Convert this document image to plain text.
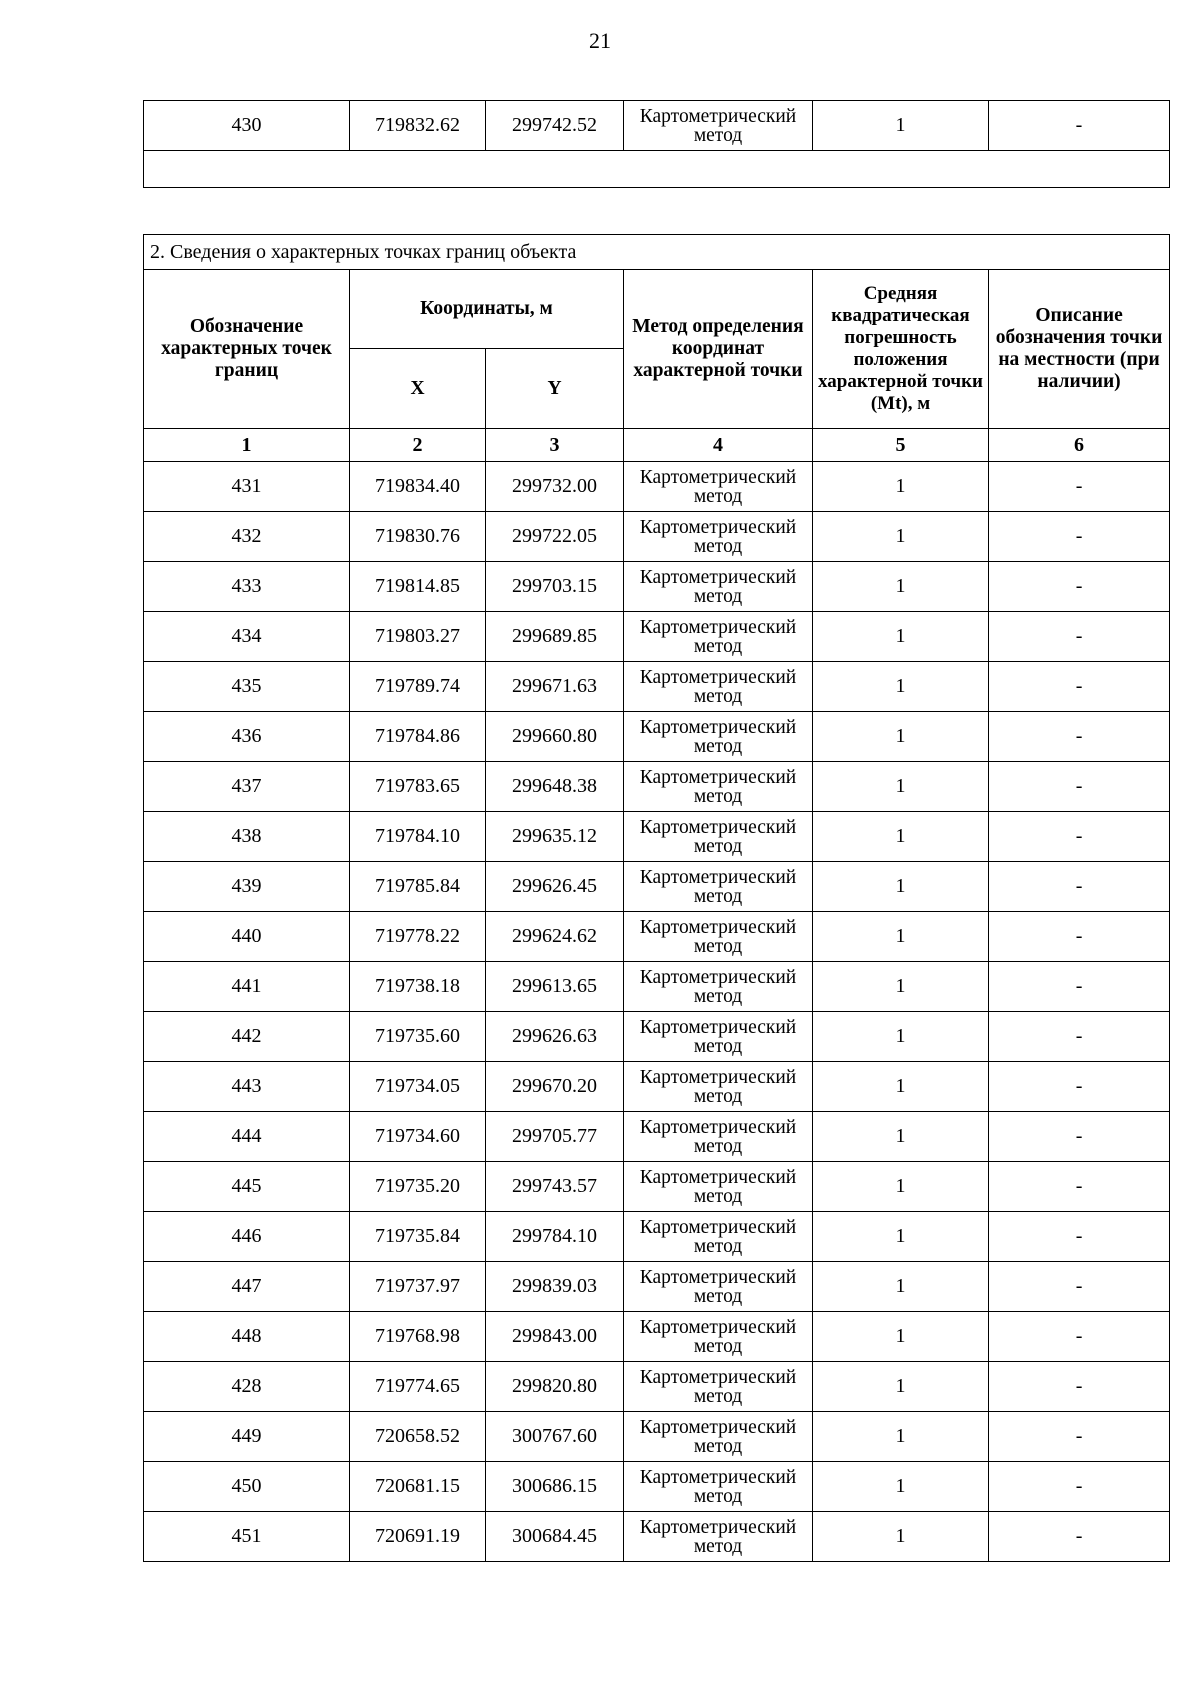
21
430	719832.62	299742.52	Картометрический метод	1	-

2. Сведения о характерных точках границ объекта					
Обозначение характерных точек границ	Координаты, м		Метод определения координат характерной точки	Средняя квадратическая погрешность положения характерной точки (Mt), м	Описание обозначения точки на местности (при наличии)
	X	Y			
1	2	3	4	5	6
431	719834.40	299732.00	Картометрический метод	1	-
432	719830.76	299722.05	Картометрический метод	1	-
433	719814.85	299703.15	Картометрический метод	1	-
434	719803.27	299689.85	Картометрический метод	1	-
435	719789.74	299671.63	Картометрический метод	1	-
436	719784.86	299660.80	Картометрический метод	1	-
437	719783.65	299648.38	Картометрический метод	1	-
438	719784.10	299635.12	Картометрический метод	1	-
439	719785.84	299626.45	Картометрический метод	1	-
440	719778.22	299624.62	Картометрический метод	1	-
441	719738.18	299613.65	Картометрический метод	1	-
442	719735.60	299626.63	Картометрический метод	1	-
443	719734.05	299670.20	Картометрический метод	1	-
444	719734.60	299705.77	Картометрический метод	1	-
445	719735.20	299743.57	Картометрический метод	1	-
446	719735.84	299784.10	Картометрический метод	1	-
447	719737.97	299839.03	Картометрический метод	1	-
448	719768.98	299843.00	Картометрический метод	1	-
428	719774.65	299820.80	Картометрический метод	1	-
449	720658.52	300767.60	Картометрический метод	1	-
450	720681.15	300686.15	Картометрический метод	1	-
451	720691.19	300684.45	Картометрический метод	1	-
